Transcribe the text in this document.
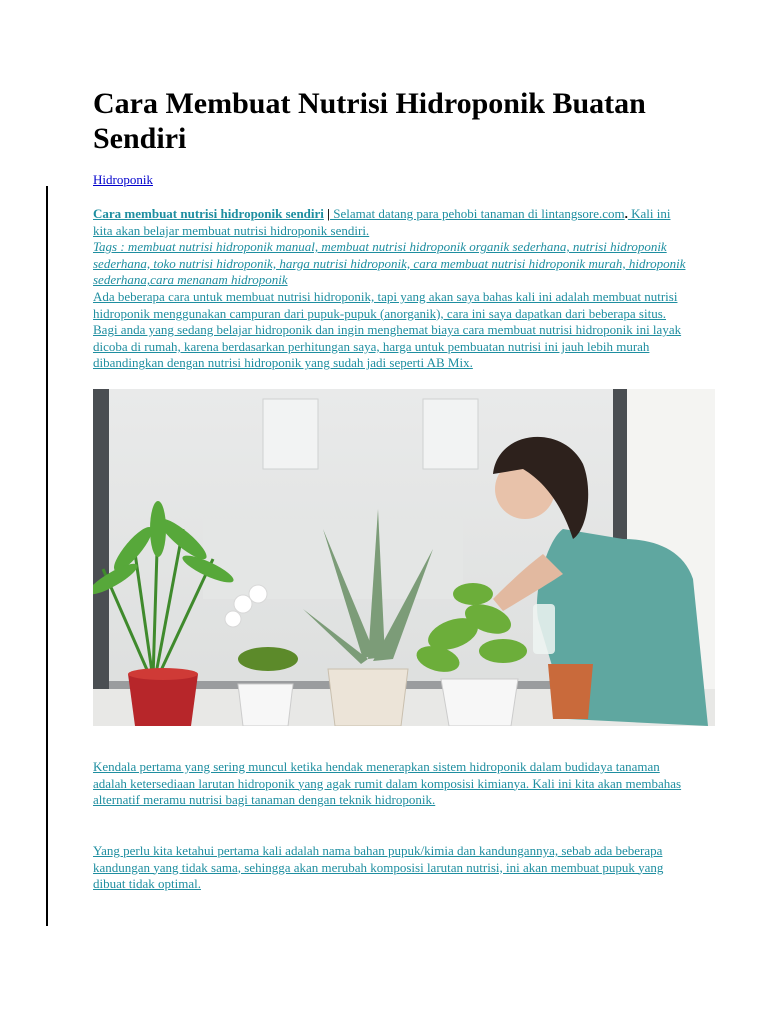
Cara Membuat Nutrisi Hidroponik Buatan Sendiri
Hidroponik
Cara membuat nutrisi hidroponik sendiri | Selamat datang para pehobi tanaman di lintangsore.com. Kali ini kita akan belajar membuat nutrisi hidroponik sendiri.
Tags : membuat nutrisi hidroponik manual, membuat nutrisi hidroponik organik sederhana, nutrisi hidroponik sederhana, toko nutrisi hidroponik, harga nutrisi hidroponik, cara membuat nutrisi hidroponik murah, hidroponik sederhana,cara menanam hidroponik
Ada beberapa cara untuk membuat nutrisi hidroponik, tapi yang akan saya bahas kali ini adalah membuat nutrisi hidroponik menggunakan campuran dari pupuk-pupuk (anorganik), cara ini saya dapatkan dari beberapa situs. Bagi anda yang sedang belajar hidroponik dan ingin menghemat biaya cara membuat nutrisi hidroponik ini layak dicoba di rumah, karena berdasarkan perhitungan saya, harga untuk pembuatan nutrisi ini jauh lebih murah dibandingkan dengan nutrisi hidroponik yang sudah jadi seperti AB Mix.

Kendala pertama yang sering muncul ketika hendak menerapkan sistem hidroponik dalam budidaya tanaman adalah ketersediaan larutan hidroponik yang agak rumit dalam komposisi kimianya. Kali ini kita akan membahas alternatif meramu nutrisi bagi tanaman dengan teknik hidroponik.

Yang perlu kita ketahui pertama kali adalah nama bahan pupuk/kimia dan kandungannya, sebab ada beberapa kandungan yang tidak sama, sehingga akan merubah komposisi larutan nutrisi, ini akan membuat pupuk yang dibuat tidak optimal.
